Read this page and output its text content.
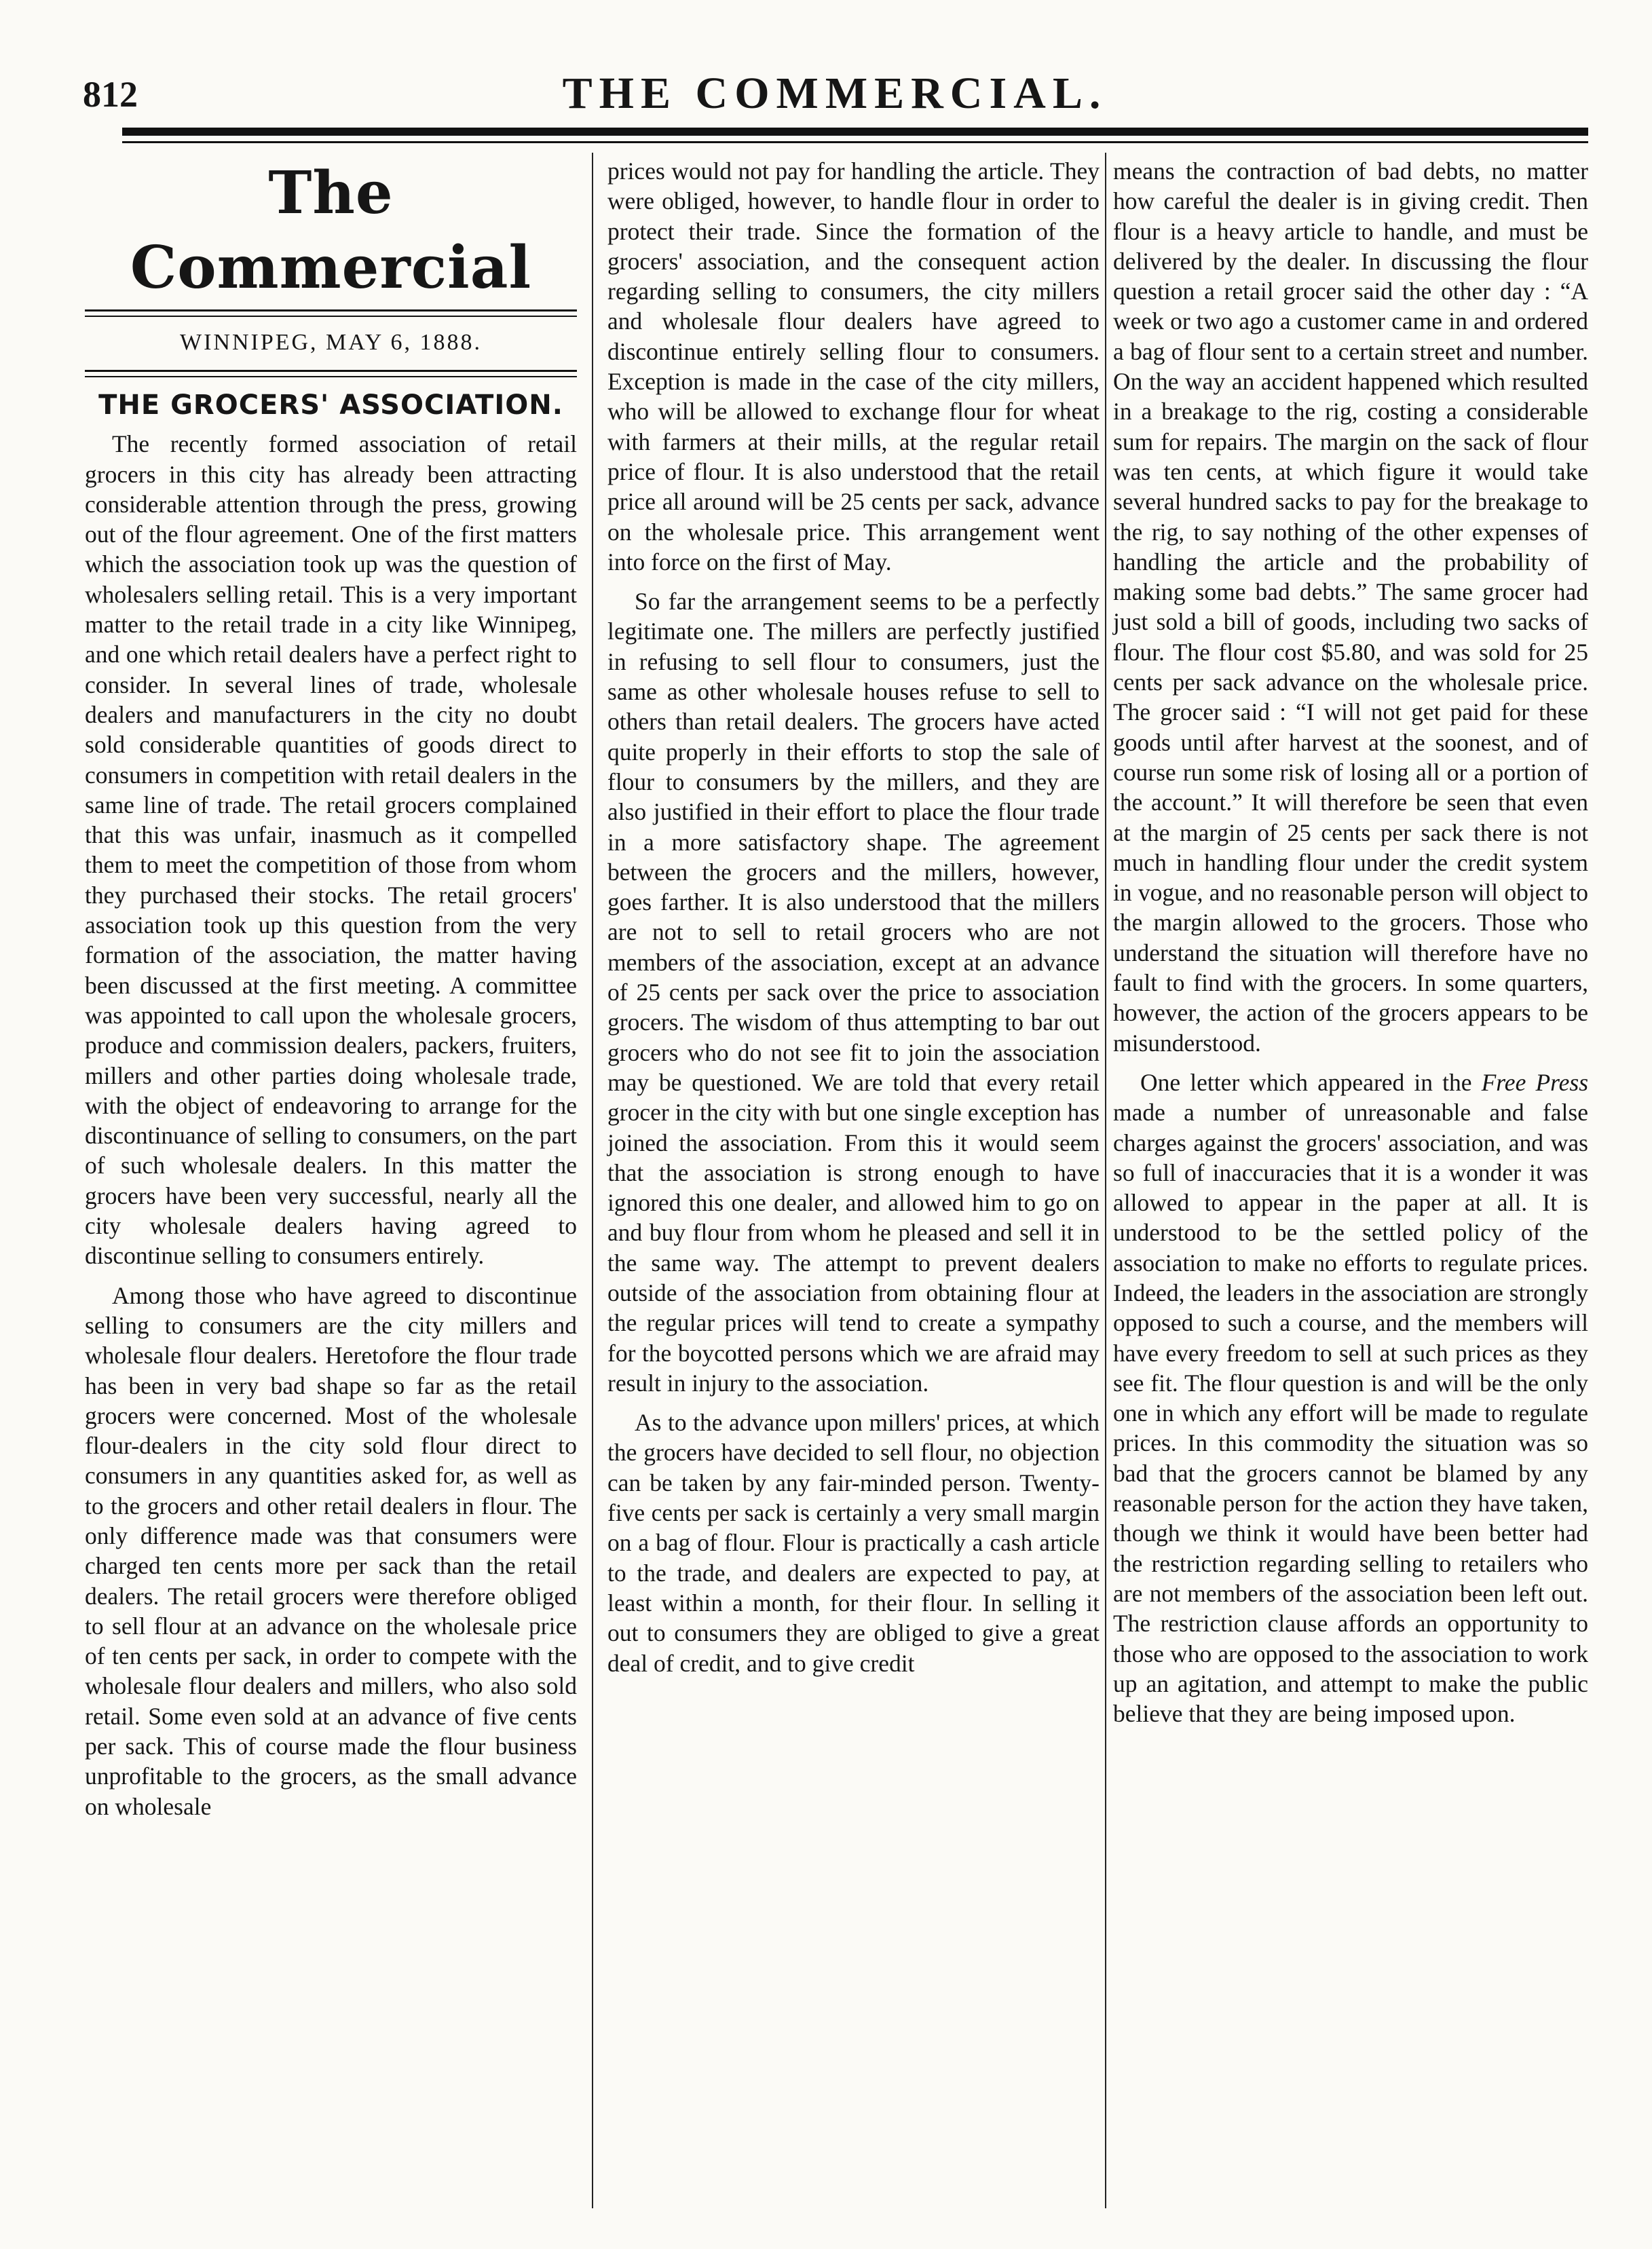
812	THE COMMERCIAL.
The Commercial
WINNIPEG, MAY 6, 1888.
THE GROCERS' ASSOCIATION.

The recently formed association of retail grocers in this city has already been attracting considerable attention through the press, growing out of the flour agreement. One of the first matters which the association took up was the question of wholesalers selling retail. This is a very important matter to the retail trade in a city like Winnipeg, and one which retail dealers have a perfect right to consider. In several lines of trade, wholesale dealers and manufacturers in the city no doubt sold considerable quantities of goods direct to consumers in competition with retail dealers in the same line of trade. The retail grocers complained that this was unfair, inasmuch as it compelled them to meet the competition of those from whom they purchased their stocks. The retail grocers' association took up this question from the very formation of the association, the matter having been discussed at the first meeting. A committee was appointed to call upon the wholesale grocers, produce and commission dealers, packers, fruiters, millers and other parties doing wholesale trade, with the object of endeavoring to arrange for the discontinuance of selling to consumers, on the part of such wholesale dealers. In this matter the grocers have been very successful, nearly all the city wholesale dealers having agreed to discontinue selling to consumers entirely.

Among those who have agreed to discontinue selling to consumers are the city millers and wholesale flour dealers. Heretofore the flour trade has been in very bad shape so far as the retail grocers were concerned. Most of the wholesale flour-dealers in the city sold flour direct to consumers in any quantities asked for, as well as to the grocers and other retail dealers in flour. The only difference made was that consumers were charged ten cents more per sack than the retail dealers. The retail grocers were therefore obliged to sell flour at an advance on the wholesale price of ten cents per sack, in order to compete with the wholesale flour dealers and millers, who also sold retail. Some even sold at an advance of five cents per sack. This of course made the flour business unprofitable to the grocers, as the small advance on wholesale

prices would not pay for handling the article. They were obliged, however, to handle flour in order to protect their trade. Since the formation of the grocers' association, and the consequent action regarding selling to consumers, the city millers and wholesale flour dealers have agreed to discontinue entirely selling flour to consumers. Exception is made in the case of the city millers, who will be allowed to exchange flour for wheat with farmers at their mills, at the regular retail price of flour. It is also understood that the retail price all around will be 25 cents per sack, advance on the wholesale price. This arrangement went into force on the first of May.

So far the arrangement seems to be a perfectly legitimate one. The millers are perfectly justified in refusing to sell flour to consumers, just the same as other wholesale houses refuse to sell to others than retail dealers. The grocers have acted quite properly in their efforts to stop the sale of flour to consumers by the millers, and they are also justified in their effort to place the flour trade in a more satisfactory shape. The agreement between the grocers and the millers, however, goes farther. It is also understood that the millers are not to sell to retail grocers who are not members of the association, except at an advance of 25 cents per sack over the price to association grocers. The wisdom of thus attempting to bar out grocers who do not see fit to join the association may be questioned. We are told that every retail grocer in the city with but one single exception has joined the association. From this it would seem that the association is strong enough to have ignored this one dealer, and allowed him to go on and buy flour from whom he pleased and sell it in the same way. The attempt to prevent dealers outside of the association from obtaining flour at the regular prices will tend to create a sympathy for the boycotted persons which we are afraid may result in injury to the association.

As to the advance upon millers' prices, at which the grocers have decided to sell flour, no objection can be taken by any fair-minded person. Twenty-five cents per sack is certainly a very small margin on a bag of flour. Flour is practically a cash article to the trade, and dealers are expected to pay, at least within a month, for their flour. In selling it out to consumers they are obliged to give a great deal of credit, and to give credit

means the contraction of bad debts, no matter how careful the dealer is in giving credit. Then flour is a heavy article to handle, and must be delivered by the dealer. In discussing the flour question a retail grocer said the other day : “A week or two ago a customer came in and ordered a bag of flour sent to a certain street and number. On the way an accident happened which resulted in a breakage to the rig, costing a considerable sum for repairs. The margin on the sack of flour was ten cents, at which figure it would take several hundred sacks to pay for the breakage to the rig, to say nothing of the other expenses of handling the article and the probability of making some bad debts.” The same grocer had just sold a bill of goods, including two sacks of flour. The flour cost $5.80, and was sold for 25 cents per sack advance on the wholesale price. The grocer said : “I will not get paid for these goods until after harvest at the soonest, and of course run some risk of losing all or a portion of the account.” It will therefore be seen that even at the margin of 25 cents per sack there is not much in handling flour under the credit system in vogue, and no reasonable person will object to the margin allowed to the grocers. Those who understand the situation will therefore have no fault to find with the grocers. In some quarters, however, the action of the grocers appears to be misunderstood.

One letter which appeared in the Free Press made a number of unreasonable and false charges against the grocers' association, and was so full of inaccuracies that it is a wonder it was allowed to appear in the paper at all. It is understood to be the settled policy of the association to make no efforts to regulate prices. Indeed, the leaders in the association are strongly opposed to such a course, and the members will have every freedom to sell at such prices as they see fit. The flour question is and will be the only one in which any effort will be made to regulate prices. In this commodity the situation was so bad that the grocers cannot be blamed by any reasonable person for the action they have taken, though we think it would have been better had the restriction regarding selling to retailers who are not members of the association been left out. The restriction clause affords an opportunity to those who are opposed to the association to work up an agitation, and attempt to make the public believe that they are being imposed upon.
